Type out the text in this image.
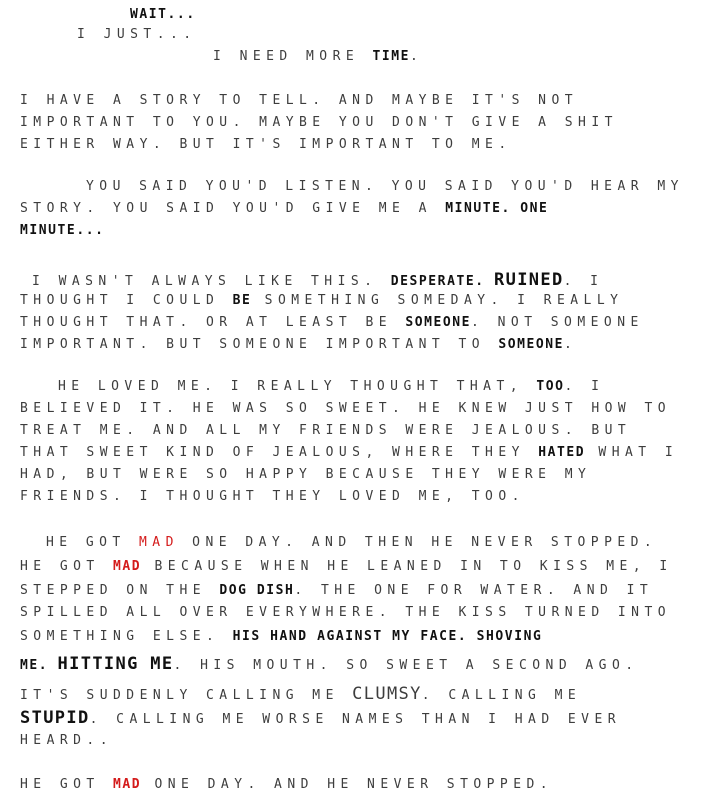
WAIT...
I JUST...
I NEED MORE TIME.
I HAVE A STORY TO TELL. AND MAYBE IT'S NOT
IMPORTANT TO YOU. MAYBE YOU DON'T GIVE A SHIT
EITHER WAY. BUT IT'S IMPORTANT TO ME.
YOU SAID YOU'D LISTEN. YOU SAID YOU'D HEAR MY
STORY. YOU SAID YOU'D GIVE ME A MINUTE. ONE
MINUTE...
I WASN'T ALWAYS LIKE THIS. DESPERATE. RUINED. I
THOUGHT I COULD BE SOMETHING SOMEDAY. I REALLY
THOUGHT THAT. OR AT LEAST BE SOMEONE. NOT SOMEONE
IMPORTANT. BUT SOMEONE IMPORTANT TO SOMEONE.
HE LOVED ME. I REALLY THOUGHT THAT, TOO. I
BELIEVED IT. HE WAS SO SWEET. HE KNEW JUST HOW TO
TREAT ME. AND ALL MY FRIENDS WERE JEALOUS. BUT
THAT SWEET KIND OF JEALOUS, WHERE THEY HATED WHAT I
HAD, BUT WERE SO HAPPY BECAUSE THEY WERE MY
FRIENDS. I THOUGHT THEY LOVED ME, TOO.
HE GOT MAD ONE DAY. AND THEN HE NEVER STOPPED.
HE GOT MAD BECAUSE WHEN HE LEANED IN TO KISS ME, I
STEPPED ON THE DOG DISH. THE ONE FOR WATER. AND IT
SPILLED ALL OVER EVERYWHERE. THE KISS TURNED INTO
SOMETHING ELSE. HIS HAND AGAINST MY FACE. SHOVING
ME. HITTING ME. HIS MOUTH. SO SWEET A SECOND AGO.
IT'S SUDDENLY CALLING ME CLUMSY. CALLING ME
STUPID. CALLING ME WORSE NAMES THAN I HAD EVER
HEARD..
HE GOT MAD ONE DAY. AND HE NEVER STOPPED.
